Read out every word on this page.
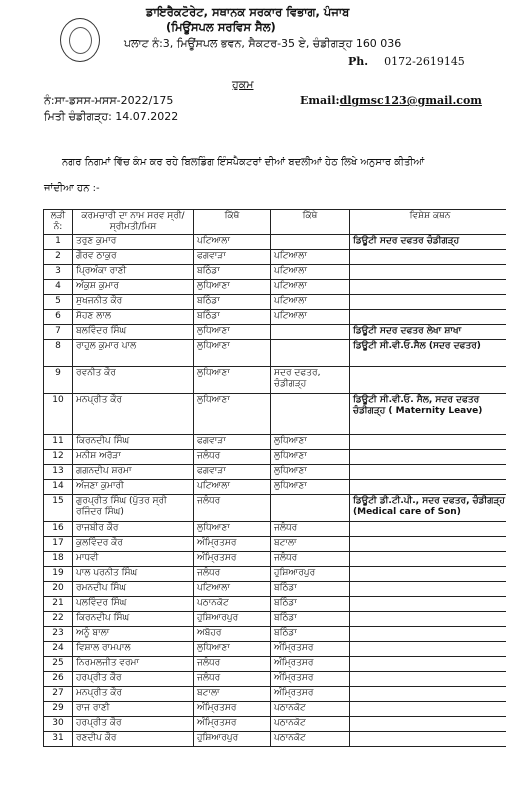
ਡਾਇਰੈਕਟੋਰੇਟ, ਸਥਾਨਕ ਸਰਕਾਰ ਵਿਭਾਗ, ਪੰਜਾਬ
(ਮਿਊਂਸਪਲ ਸਰਵਿਸ ਸੈਲ)
ਪਲਾਟ ਨੰ:3, ਮਿਊਂਸਪਲ ਭਵਨ, ਸੈਕਟਰ-35 ਏ, ਚੰਡੀਗੜ੍ਹ 160 036
Ph. 0172-2619145
ਹੁਕਮ
ਨੰ:ਸਾ-ਡਸਸ-ਮਸਸ-2022/175	Email:dlgmsc123@gmail.com
ਮਿਤੀ ਚੰਡੀਗੜ੍ਹ: 14.07.2022
ਨਗਰ ਨਿਗਮਾਂ ਵਿੱਚ ਕੰਮ ਕਰ ਰਹੇ ਬਿਲਡਿੰਗ ਇੰਸਪੈਕਟਰਾਂ ਦੀਆਂ ਬਦਲੀਆਂ ਹੇਠ ਲਿਖੇ ਅਨੁਸਾਰ ਕੀਤੀਆਂ
ਜਾਂਦੀਆ ਹਨ :-
ਲੜੀ ਨੰ:	ਕਰਮਚਾਰੀ ਦਾ ਨਾਮ ਸਰਵ ਸ੍ਰੀ/ਸ੍ਰੀਮਤੀ/ਮਿਸ	ਕਿੱਥੋ	ਕਿੱਥੇ	ਵਿਸ਼ੇਸ਼ ਕਥਨ
1	ਤਰੁਣ ਕੁਮਾਰ	ਪਟਿਆਲਾ		ਡਿਊਟੀ ਸਦਰ ਦਫਤਰ ਚੰਡੀਗੜ੍ਹ
2	ਗੌਰਵ ਠਾਕੁਰ	ਫਗਵਾੜਾ	ਪਟਿਆਲਾ	
3	ਪ੍ਰਿਅੰਕਾ ਰਾਣੀ	ਬਠਿੰਡਾ	ਪਟਿਆਲਾ	
4	ਅੰਕੁਸ਼ ਕੁਮਾਰ	ਲੁਧਿਆਣਾ	ਪਟਿਆਲਾ	
5	ਸੁਖਜਨੀਤ ਕੌਰ	ਬਠਿੰਡਾ	ਪਟਿਆਲਾ	
6	ਸੋਹਣ ਲਾਲ	ਬਠਿੰਡਾ	ਪਟਿਆਲਾ	
7	ਬਲਵਿੰਦਰ ਸਿੰਘ	ਲੁਧਿਆਣਾ		ਡਿਊਟੀ ਸਦਰ ਦਫਤਰ ਲੇਖਾ ਸ਼ਾਖਾ
8	ਰਾਹੁਲ ਕੁਮਾਰ ਪਾਲ	ਲੁਧਿਆਣਾ		ਡਿਊਟੀ ਸੀ.ਵੀ.ਓ.ਸੈਲ (ਸਦਰ ਦਫਤਰ)
9	ਰਵਨੀਤ ਕੌਰ	ਲੁਧਿਆਣਾ	ਸਦਰ ਦਫਤਰ, ਚੰਡੀਗੜ੍ਹ	
10	ਮਨਪ੍ਰੀਤ ਕੌਰ	ਲੁਧਿਆਣਾ		ਡਿਊਟੀ ਸੀ.ਵੀ.ਓ. ਸੈਲ, ਸਦਰ ਦਫਤਰ ਚੰਡੀਗੜ੍ਹ ( Maternity Leave)
11	ਕਿਰਨਦੀਪ ਸਿੰਘ	ਫਗਵਾੜਾ	ਲੁਧਿਆਣਾ	
12	ਮਨੀਸ਼ ਅਰੋੜਾ	ਜਲੰਧਰ	ਲੁਧਿਆਣਾ	
13	ਗਗਨਦੀਪ ਸ਼ਰਮਾ	ਫਗਵਾੜਾ	ਲੁਧਿਆਣਾ	
14	ਅੰਜਣਾ ਕੁਮਾਰੀ	ਪਟਿਆਲਾ	ਲੁਧਿਆਣਾ	
15	ਗੁਰਪ੍ਰੀਤ ਸਿੰਘ (ਪੁੱਤਰ ਸ੍ਰੀ ਰਜਿੰਦਰ ਸਿੰਘ)	ਜਲੰਧਰ		ਡਿਊਟੀ ਡੀ.ਟੀ.ਪੀ., ਸਦਰ ਦਫਤਰ, ਚੰਡੀਗੜ੍ਹ (Medical care of Son)
16	ਰਾਜਬੀਰ ਕੌਰ	ਲੁਧਿਆਣਾ	ਜਲੰਧਰ	
17	ਕੁਲਵਿੰਦਰ ਕੌਰ	ਅੰਮ੍ਰਿਤਸਰ	ਬਟਾਲਾ	
18	ਮਾਧਵੀ	ਅੰਮ੍ਰਿਤਸਰ	ਜਲੰਧਰ	
19	ਪਾਲ ਪਰਨੀਤ ਸਿੰਘ	ਜਲੰਧਰ	ਹੁਸ਼ਿਆਰਪੁਰ	
20	ਰਮਨਦੀਪ ਸਿੰਘ	ਪਟਿਆਲਾ	ਬਠਿੰਡਾ	
21	ਪਲਵਿੰਦਰ ਸਿੰਘ	ਪਠਾਨਕੋਟ	ਬਠਿੰਡਾ	
22	ਕਿਰਨਦੀਪ ਸਿੰਘ	ਹੁਸ਼ਿਆਰਪੁਰ	ਬਠਿੰਡਾ	
23	ਅਨੂੰ ਬਾਲਾ	ਅਬੋਹਰ	ਬਠਿੰਡਾ	
24	ਵਿਸ਼ਾਲ ਰਾਮਪਾਲ	ਲੁਧਿਆਣਾ	ਅੰਮ੍ਰਿਤਸਰ	
25	ਨਿਰਮਲਜੀਤ ਵਰਮਾ	ਜਲੰਧਰ	ਅੰਮ੍ਰਿਤਸਰ	
26	ਹਰਪ੍ਰੀਤ ਕੌਰ	ਜਲੰਧਰ	ਅੰਮ੍ਰਿਤਸਰ	
27	ਮਨਪ੍ਰੀਤ ਕੌਰ	ਬਟਾਲਾ	ਅੰਮ੍ਰਿਤਸਰ	
29	ਰਾਜ ਰਾਣੀ	ਅੰਮ੍ਰਿਤਸਰ	ਪਠਾਨਕੋਟ	
30	ਹਰਪ੍ਰੀਤ ਕੌਰ	ਅੰਮ੍ਰਿਤਸਰ	ਪਠਾਨਕੋਟ	
31	ਰਣਦੀਪ ਕੌਰ	ਹੁਸ਼ਿਆਰਪੁਰ	ਪਠਾਨਕੋਟ	
